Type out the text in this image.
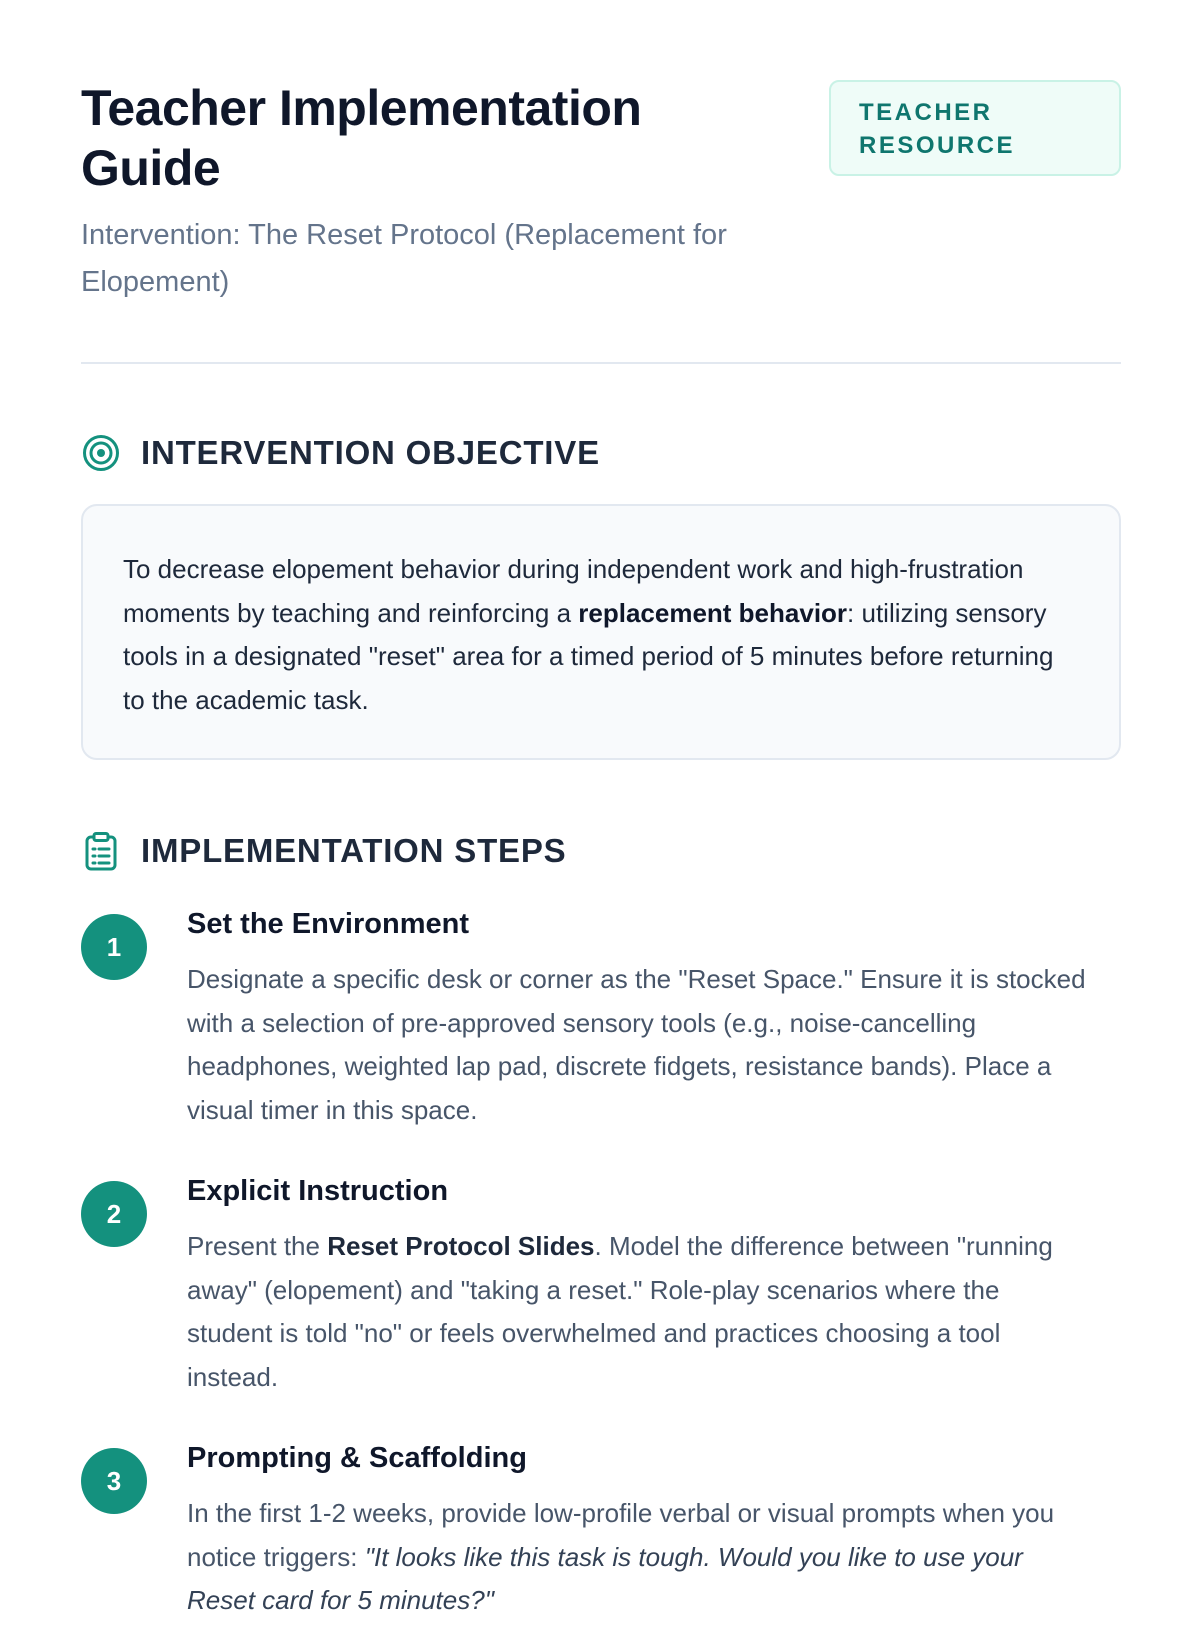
Teacher Implementation Guide

Intervention: The Reset Protocol (Replacement for Elopement)

TEACHER RESOURCE
INTERVENTION OBJECTIVE

To decrease elopement behavior during independent work and high-frustration moments by teaching and reinforcing a replacement behavior: utilizing sensory tools in a designated "reset" area for a timed period of 5 minutes before returning to the academic task.

IMPLEMENTATION STEPS
1
Set the Environment

Designate a specific desk or corner as the "Reset Space." Ensure it is stocked with a selection of pre-approved sensory tools (e.g., noise-cancelling headphones, weighted lap pad, discrete fidgets, resistance bands). Place a visual timer in this space.

2
Explicit Instruction

Present the Reset Protocol Slides. Model the difference between "running away" (elopement) and "taking a reset." Role-play scenarios where the student is told "no" or feels overwhelmed and practices choosing a tool instead.

3
Prompting & Scaffolding

In the first 1-2 weeks, provide low-profile verbal or visual prompts when you notice triggers: "It looks like this task is tough. Would you like to use your Reset card for 5 minutes?"
